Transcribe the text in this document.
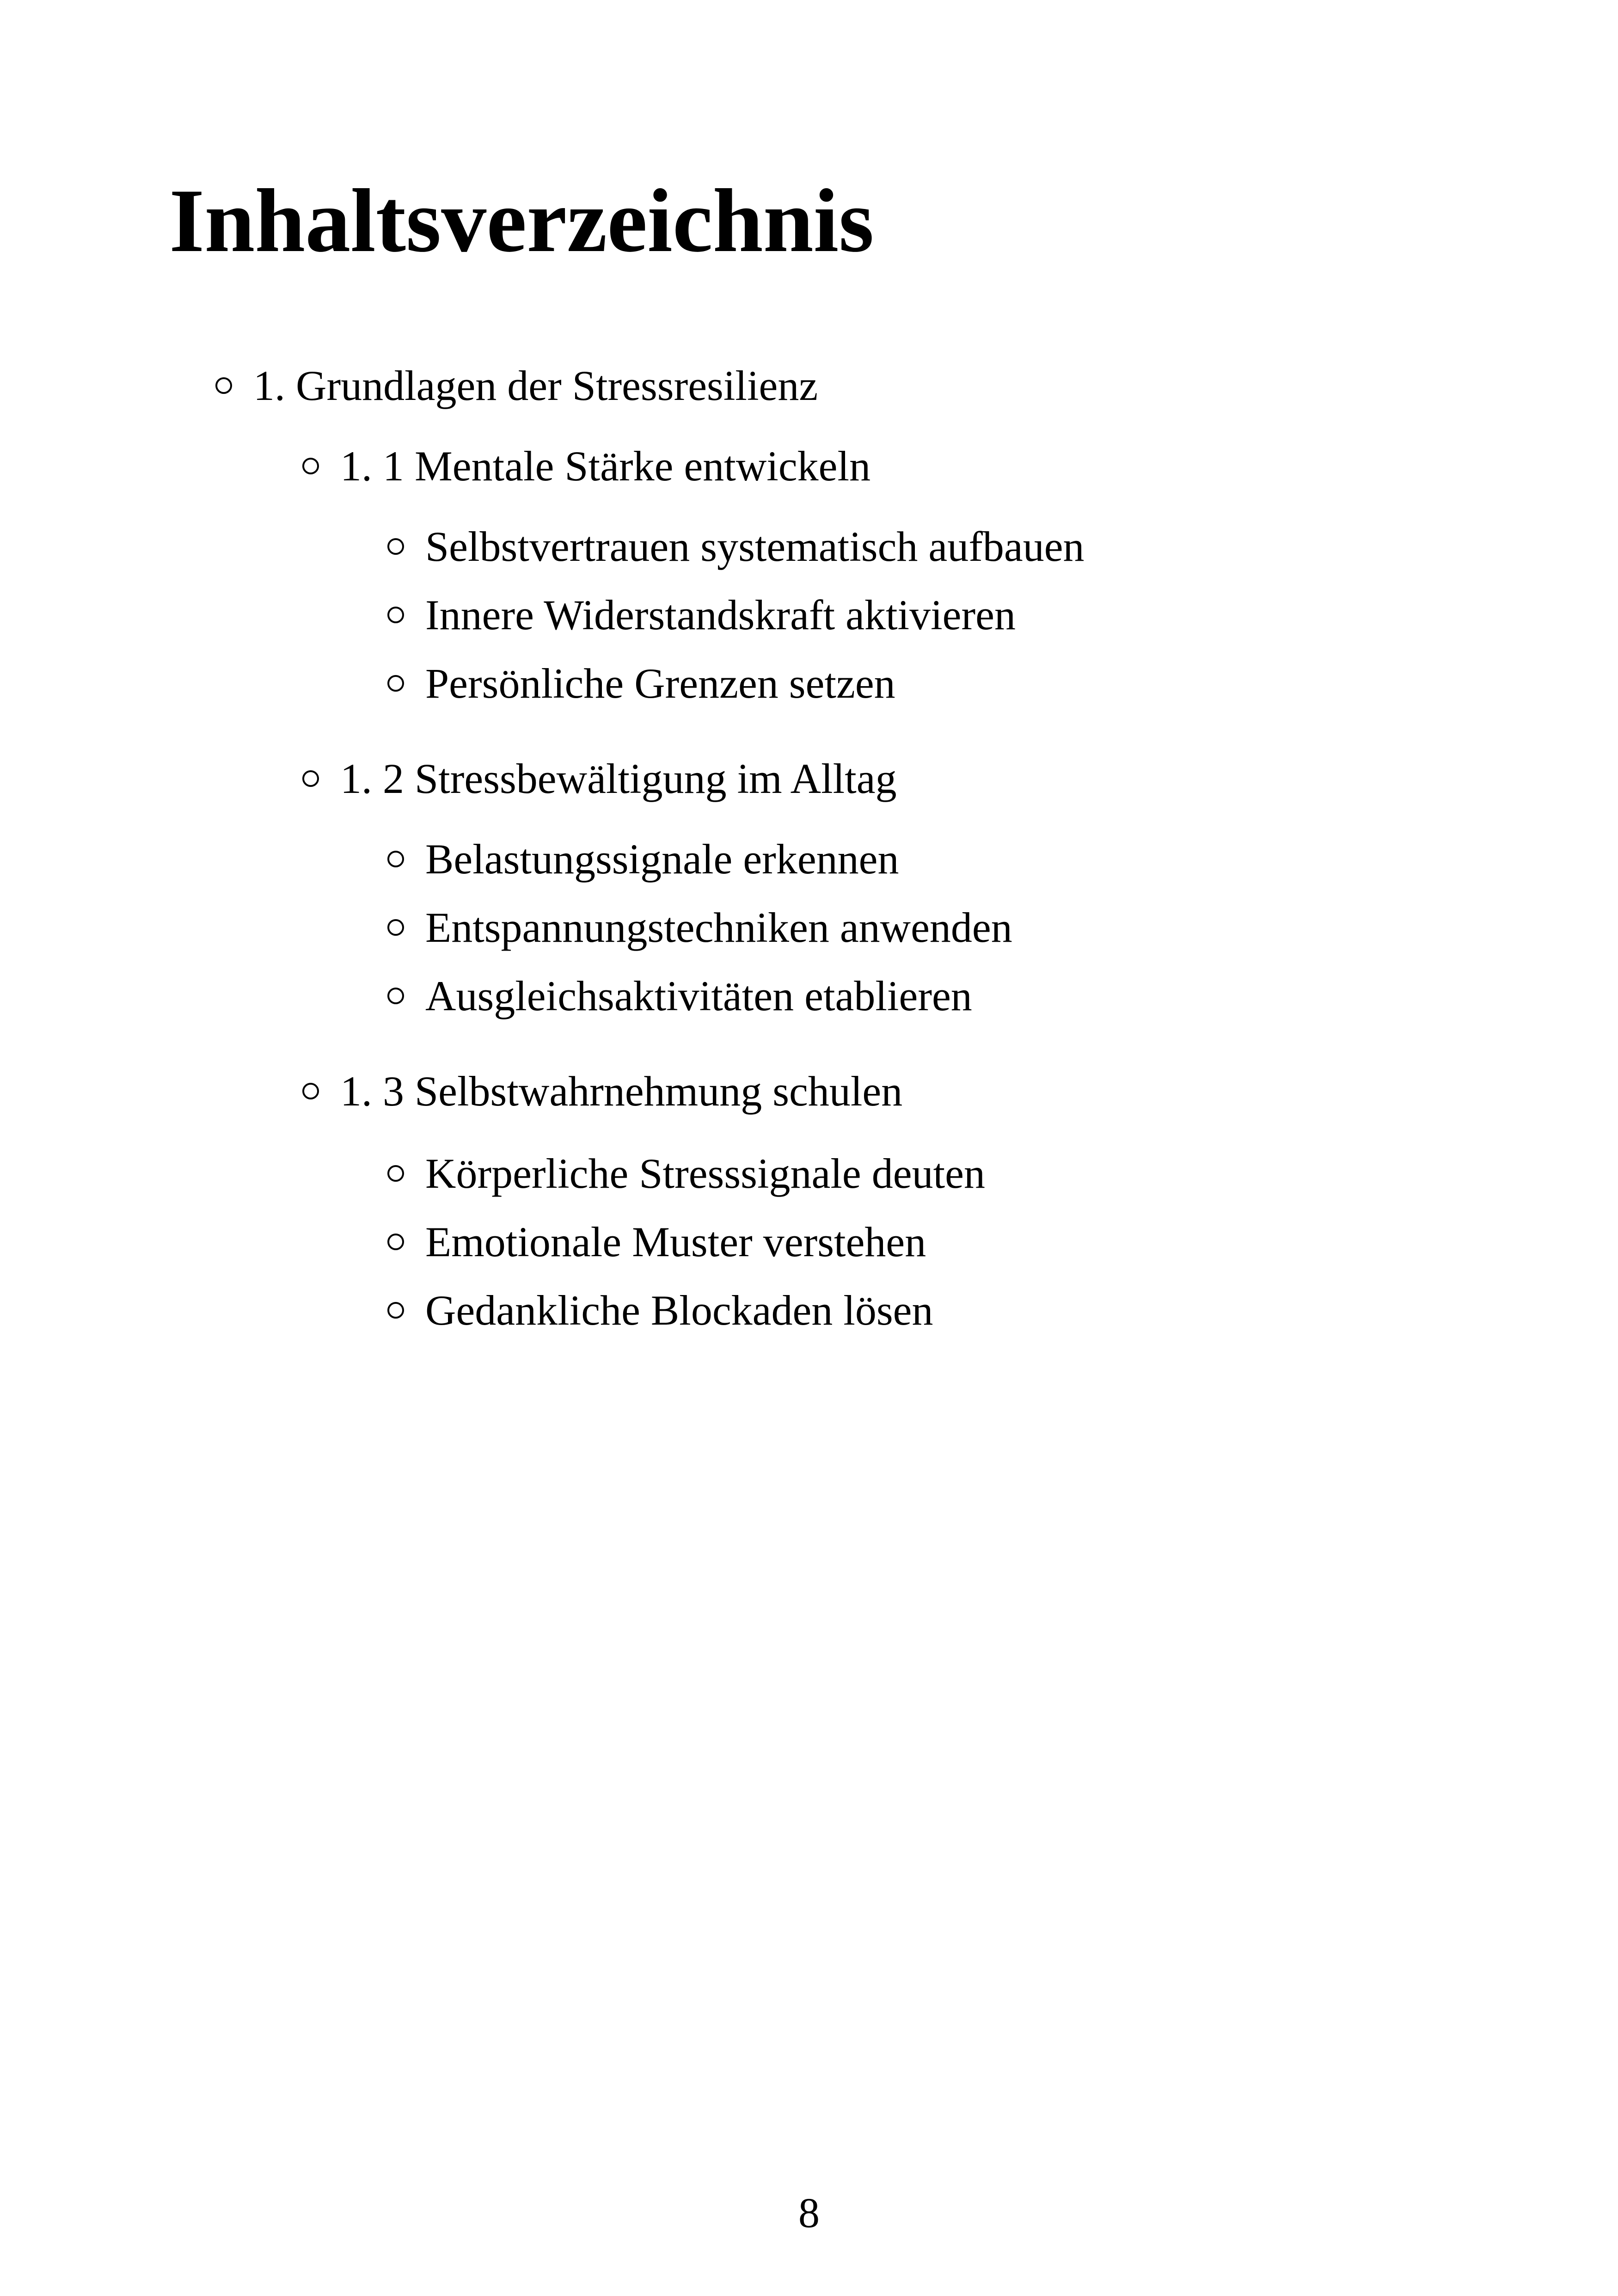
Inhaltsverzeichnis
1. Grundlagen der Stressresilienz
1. 1 Mentale Stärke entwickeln
Selbstvertrauen systematisch aufbauen
Innere Widerstandskraft aktivieren
Persönliche Grenzen setzen
1. 2 Stressbewältigung im Alltag
Belastungssignale erkennen
Entspannungstechniken anwenden
Ausgleichsaktivitäten etablieren
1. 3 Selbstwahrnehmung schulen
Körperliche Stresssignale deuten
Emotionale Muster verstehen
Gedankliche Blockaden lösen
8
